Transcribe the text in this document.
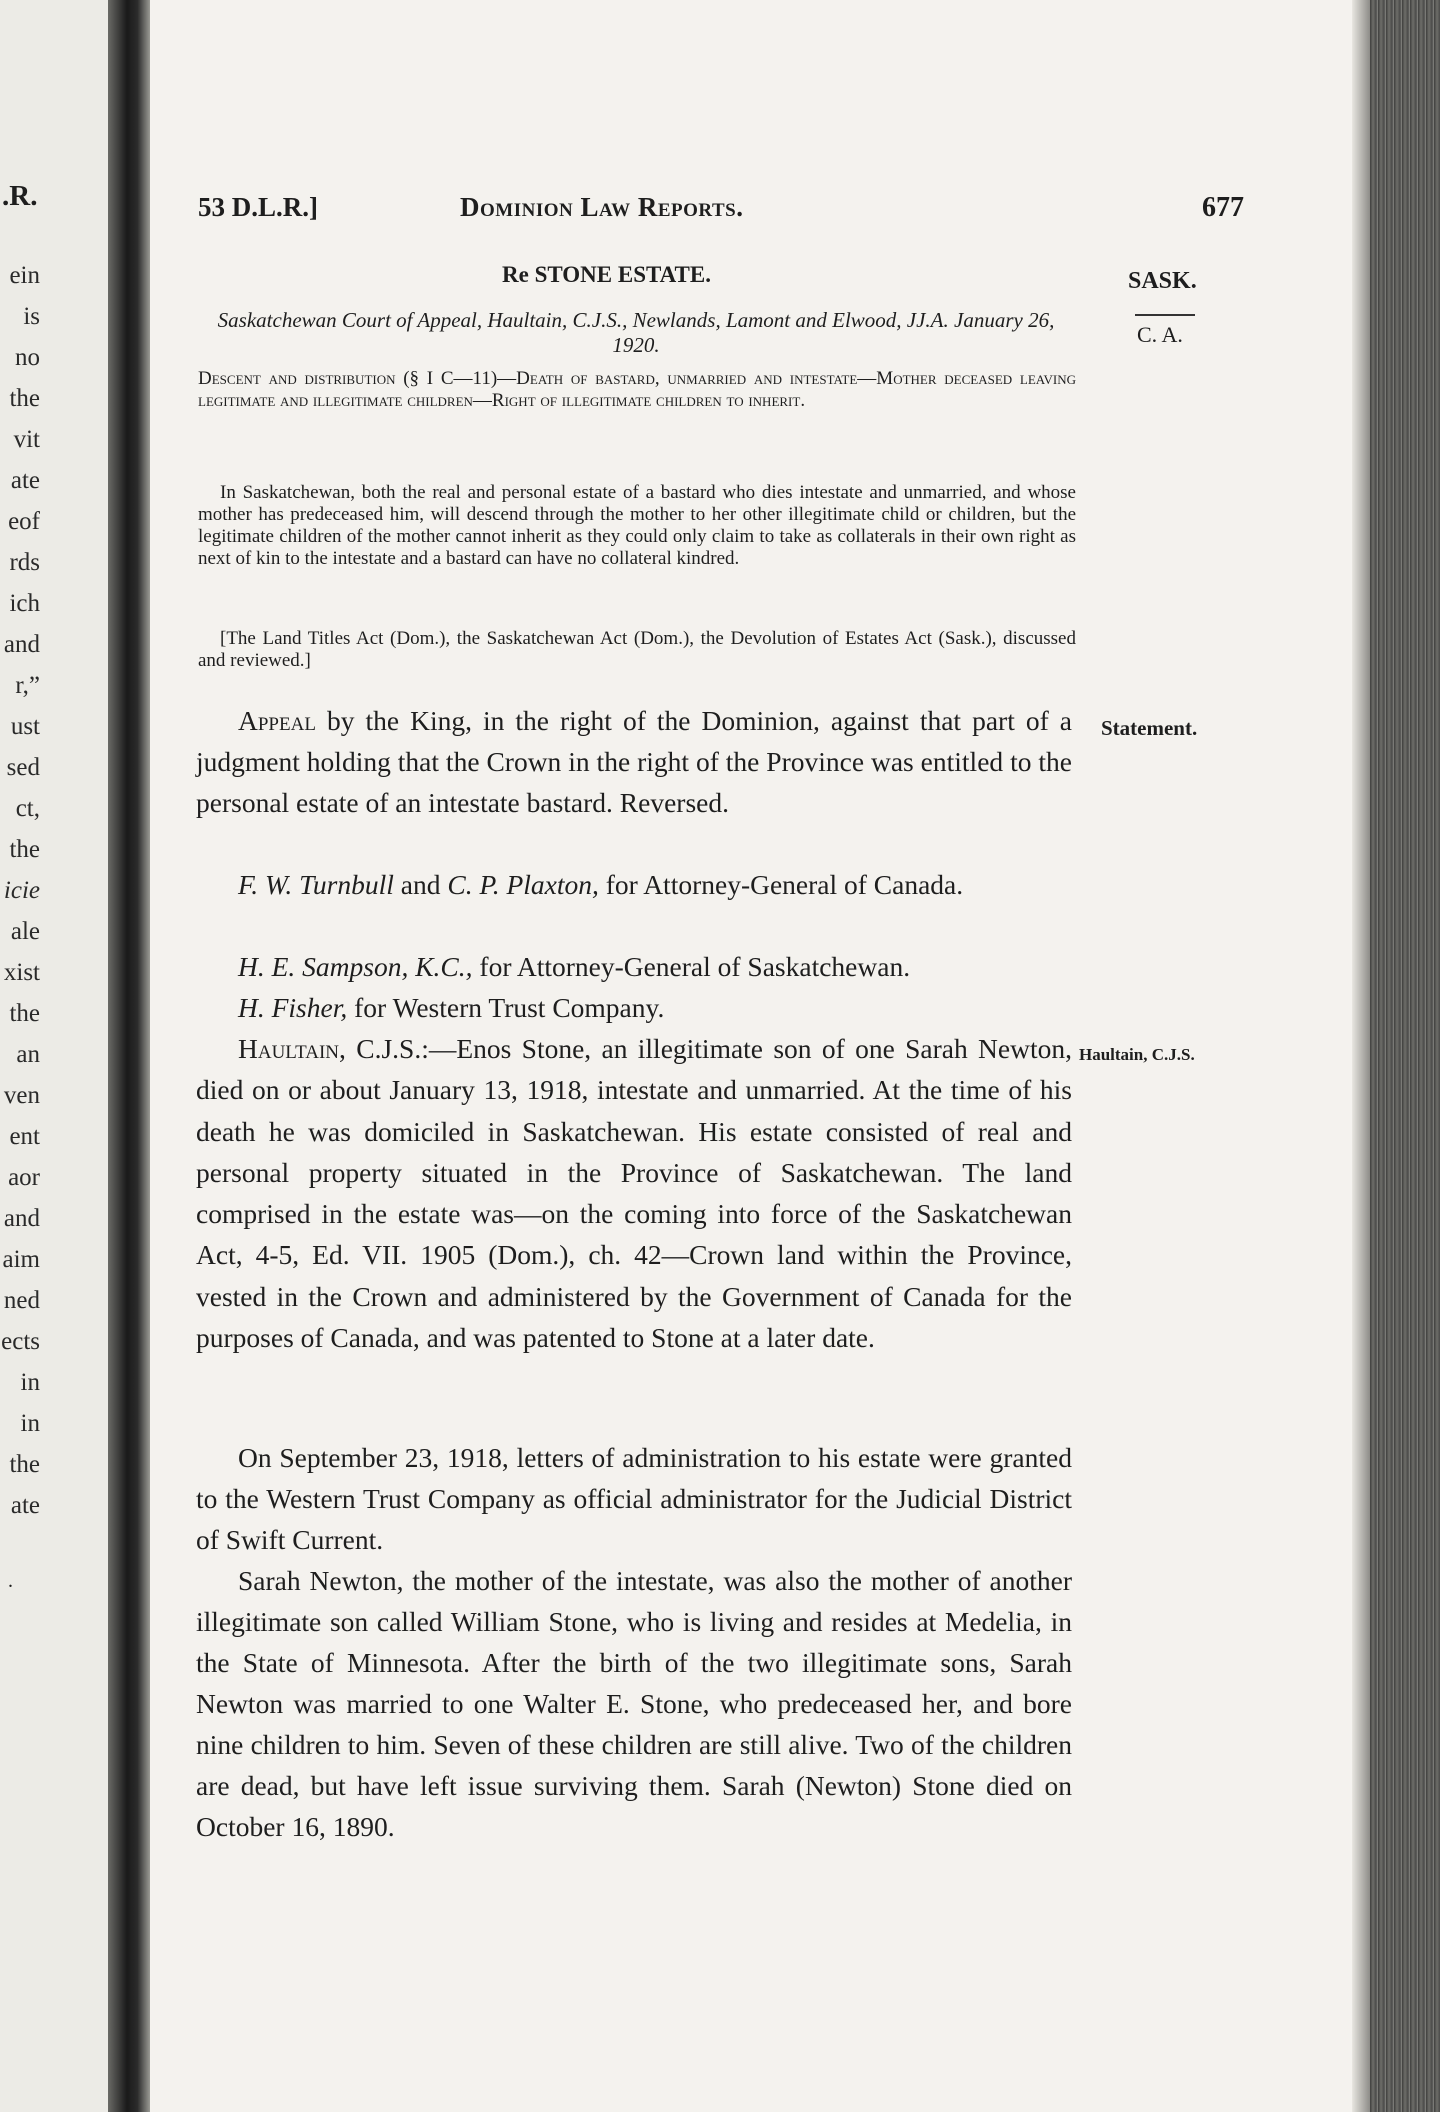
.R.
ein
is
no
the
vit
ate
eof
rds
ich
and
r,”
ust
sed
ct,
the
icie
ale
xist
the
an
ven
ent
aor
and
aim
ned
ects
in
in
the
ate
.
53 D.L.R.]	Dominion Law Reports.	677
SASK.
C. A.
Statement.
Haultain, C.J.S.
Re STONE ESTATE.
Saskatchewan Court of Appeal, Haultain, C.J.S., Newlands, Lamont and Elwood, JJ.A. January 26, 1920.
Descent and distribution (§ I C—11)—Death of bastard, unmarried and intestate—Mother deceased leaving legitimate and illegitimate children—Right of illegitimate children to inherit.
In Saskatchewan, both the real and personal estate of a bastard who dies intestate and unmarried, and whose mother has predeceased him, will descend through the mother to her other illegitimate child or children, but the legitimate children of the mother cannot inherit as they could only claim to take as collaterals in their own right as next of kin to the intestate and a bastard can have no collateral kindred.
[The Land Titles Act (Dom.), the Saskatchewan Act (Dom.), the Devolution of Estates Act (Sask.), discussed and reviewed.]
Appeal by the King, in the right of the Dominion, against that part of a judgment holding that the Crown in the right of the Province was entitled to the personal estate of an intestate bastard. Reversed.
F. W. Turnbull and C. P. Plaxton, for Attorney-General of Canada.
H. E. Sampson, K.C., for Attorney-General of Saskatchewan.
H. Fisher, for Western Trust Company.
Haultain, C.J.S.:—Enos Stone, an illegitimate son of one Sarah Newton, died on or about January 13, 1918, intestate and unmarried. At the time of his death he was domiciled in Saskatchewan. His estate consisted of real and personal property situated in the Province of Saskatchewan. The land comprised in the estate was—on the coming into force of the Saskatchewan Act, 4-5, Ed. VII. 1905 (Dom.), ch. 42—Crown land within the Province, vested in the Crown and administered by the Government of Canada for the purposes of Canada, and was patented to Stone at a later date.
On September 23, 1918, letters of administration to his estate were granted to the Western Trust Company as official administrator for the Judicial District of Swift Current.
Sarah Newton, the mother of the intestate, was also the mother of another illegitimate son called William Stone, who is living and resides at Medelia, in the State of Minnesota. After the birth of the two illegitimate sons, Sarah Newton was married to one Walter E. Stone, who predeceased her, and bore nine children to him. Seven of these children are still alive. Two of the children are dead, but have left issue surviving them. Sarah (Newton) Stone died on October 16, 1890.
